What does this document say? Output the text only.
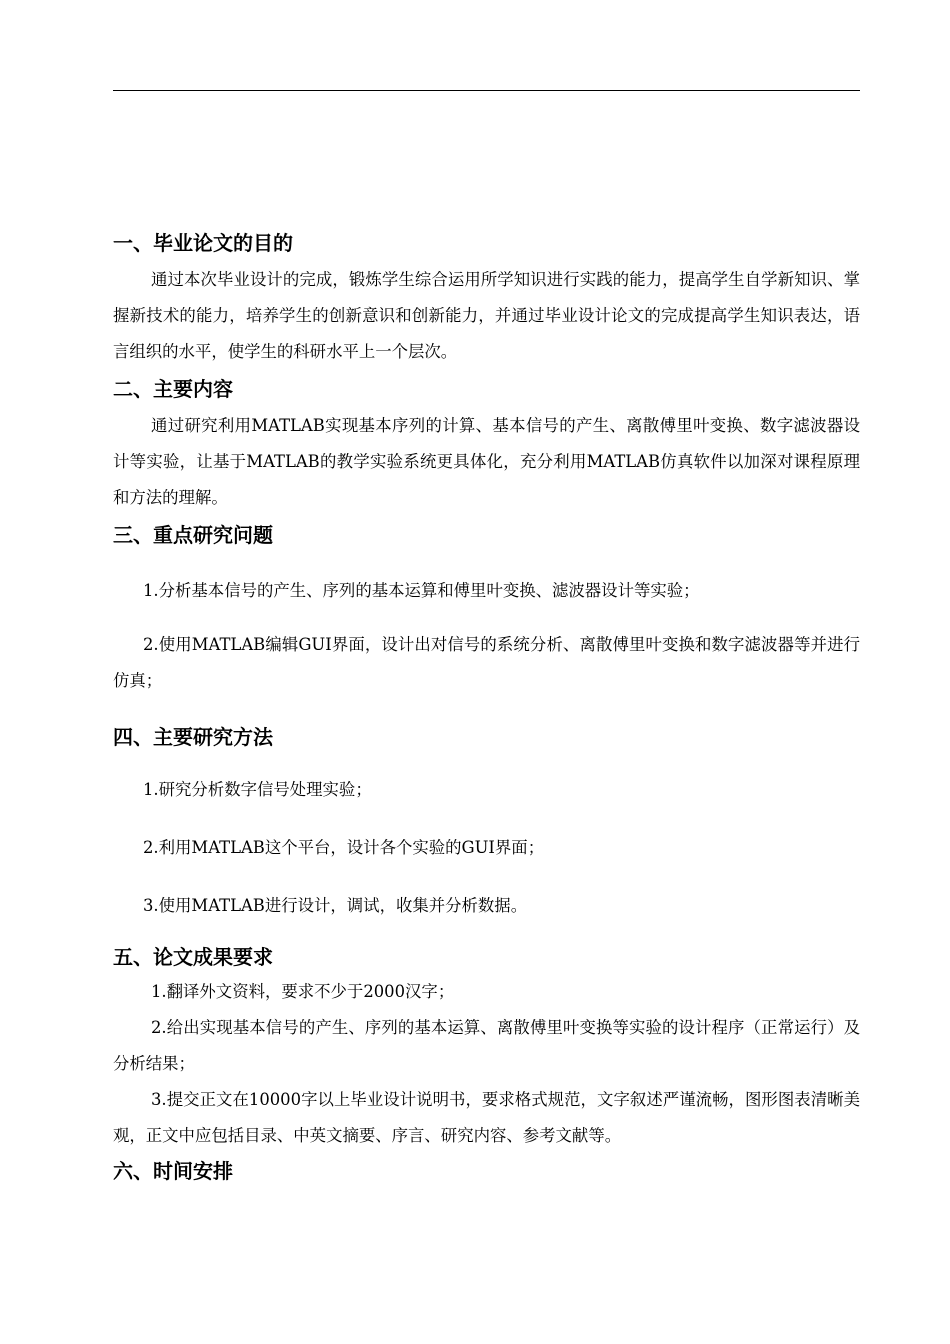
一、毕业论文的目的

通过本次毕业设计的完成，锻炼学生综合运用所学知识进行实践的能力，提高学生自学新知识、掌握新技术的能力，培养学生的创新意识和创新能力，并通过毕业设计论文的完成提高学生知识表达，语言组织的水平，使学生的科研水平上一个层次。

二、主要内容

通过研究利用MATLAB实现基本序列的计算、基本信号的产生、离散傅里叶变换、数字滤波器设计等实验，让基于MATLAB的教学实验系统更具体化，充分利用MATLAB仿真软件以加深对课程原理和方法的理解。

三、重点研究问题

1.分析基本信号的产生、序列的基本运算和傅里叶变换、滤波器设计等实验；

2.使用MATLAB编辑GUI界面，设计出对信号的系统分析、离散傅里叶变换和数字滤波器等并进行仿真；

四、主要研究方法

1.研究分析数字信号处理实验；

2.利用MATLAB这个平台，设计各个实验的GUI界面；

3.使用MATLAB进行设计，调试，收集并分析数据。

五、论文成果要求

1.翻译外文资料，要求不少于2000汉字；

2.给出实现基本信号的产生、序列的基本运算、离散傅里叶变换等实验的设计程序（正常运行）及分析结果；

3.提交正文在10000字以上毕业设计说明书，要求格式规范，文字叙述严谨流畅，图形图表清晰美观，正文中应包括目录、中英文摘要、序言、研究内容、参考文献等。

六、时间安排
